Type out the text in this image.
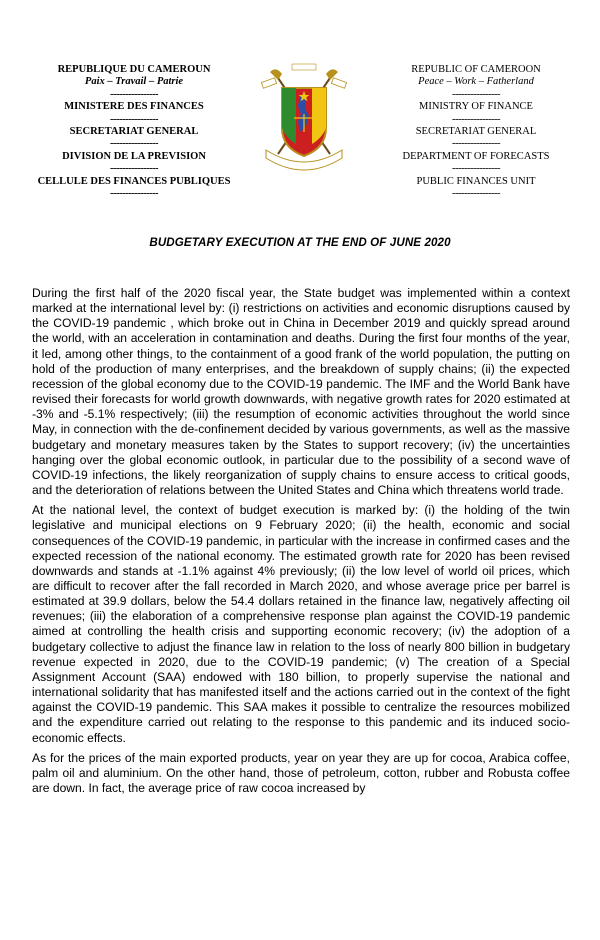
REPUBLIQUE DU CAMEROUN
Paix – Travail – Patrie
----------------
MINISTERE DES FINANCES
----------------
SECRETARIAT GENERAL
----------------
DIVISION DE LA PREVISION
----------------
CELLULE DES FINANCES PUBLIQUES
----------------
REPUBLIC OF CAMEROON
Peace – Work – Fatherland
----------------
MINISTRY OF FINANCE
----------------
SECRETARIAT GENERAL
----------------
DEPARTMENT OF FORECASTS
----------------
PUBLIC FINANCES UNIT
----------------
BUDGETARY EXECUTION AT THE END OF JUNE 2020

During the first half of the 2020 fiscal year, the State budget was implemented within a context marked at the international level by: (i) restrictions on activities and economic disruptions caused by the COVID-19 pandemic , which broke out in China in December 2019 and quickly spread around the world, with an acceleration in contamination and deaths. During the first four months of the year, it led, among other things, to the containment of a good frank of the world population, the putting on hold of the production of many enterprises, and the breakdown of supply chains; (ii) the expected recession of the global economy due to the COVID-19 pandemic. The IMF and the World Bank have revised their forecasts for world growth downwards, with negative growth rates for 2020 estimated at -3% and -5.1% respectively; (iii) the resumption of economic activities throughout the world since May, in connection with the de-confinement decided by various governments, as well as the massive budgetary and monetary measures taken by the States to support recovery; (iv) the uncertainties hanging over the global economic outlook, in particular due to the possibility of a second wave of COVID-19 infections, the likely reorganization of supply chains to ensure access to critical goods, and the deterioration of relations between the United States and China which threatens world trade.

At the national level, the context of budget execution is marked by: (i) the holding of the twin legislative and municipal elections on 9 February 2020; (ii) the health, economic and social consequences of the COVID-19 pandemic, in particular with the increase in confirmed cases and the expected recession of the national economy. The estimated growth rate for 2020 has been revised downwards and stands at -1.1% against 4% previously; (ii) the low level of world oil prices, which are difficult to recover after the fall recorded in March 2020, and whose average price per barrel is estimated at 39.9 dollars, below the 54.4 dollars retained in the finance law, negatively affecting oil revenues; (iii) the elaboration of a comprehensive response plan against the COVID-19 pandemic aimed at controlling the health crisis and supporting economic recovery; (iv) the adoption of a budgetary collective to adjust the finance law in relation to the loss of nearly 800 billion in budgetary revenue expected in 2020, due to the COVID-19 pandemic; (v) The creation of a Special Assignment Account (SAA) endowed with 180 billion, to properly supervise the national and international solidarity that has manifested itself and the actions carried out in the context of the fight against the COVID-19 pandemic. This SAA makes it possible to centralize the resources mobilized and the expenditure carried out relating to the response to this pandemic and its induced socio-economic effects.

As for the prices of the main exported products, year on year they are up for cocoa, Arabica coffee, palm oil and aluminium. On the other hand, those of petroleum, cotton, rubber and Robusta coffee are down. In fact, the average price of raw cocoa increased by
